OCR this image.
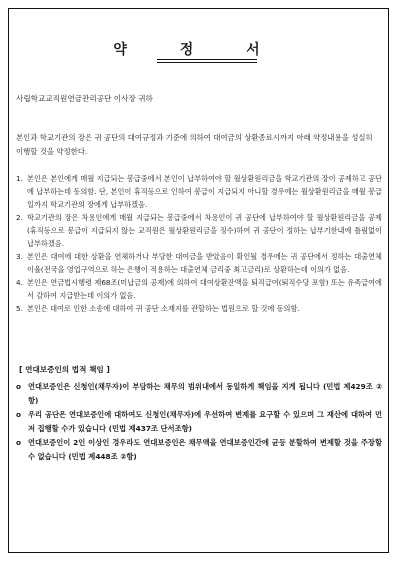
약 정 서
사립학교교직원연금관리공단 이사장 귀하

본인과 학교기관의 장은 귀 공단의 대여규정과 기준에 의하여 대여금의 상환종료시까지 아래 약정내용을 성실히 이행할 것을 약정한다.

1. 본인은 본인에게 매월 지급되는 봉급중에서 본인이 납부하여야 할 월상환원리금을 학교기관의 장이 공제하고 공단에 납부하는데 동의함. 단, 본인이 휴직등으로 인하여 봉급이 지급되지 아니할 경우에는 월상환원리금을 매월 봉급일까지 학교기관의 장에게 납부하겠음.
2. 학교기관의 장은 차용인에게 매월 지급되는 봉급중에서 차용인이 귀 공단에 납부하여야 할 월상환원리금을 공제(휴직등으로 봉급이 지급되지 않는 교직원은 월상환원리금을 징수)하여 귀 공단이 정하는 납부기한내에 틀림없이 납부하겠음.
3. 본인은 대여에 대한 상환을 연체하거나 부당한 대여금을 받았음이 확인될 경우에는 귀 공단에서 정하는 대출연체이율(전국을 영업구역으로 하는 은행이 적용하는 대출연체 금리중 최고금리)로 상환하는데 이의가 없음.
4. 본인은 연금법시행령 제68조(미납금의 공제)에 의하여 대여상환잔액을 퇴직급여(퇴직수당 포함) 또는 유족급여에서 감하여 지급받는데 이의가 없음.
5. 본인은 대여로 인한 소송에 대하여 귀 공단 소재지를 관할하는 법원으로 할 것에 동의함.
[ 연대보증인의 법적 책임 ]
o 연대보증인은 신청인(채무자)이 부담하는 채무의 범위내에서 동일하게 책임을 지게 됩니다 (민법 제429조 ②항)
o 우리 공단은 연대보증인에 대하여도 신청인(채무자)에 우선하여 변제를 요구할 수 있으며 그 재산에 대하여 먼저 집행할 수가 있습니다 (민법 제437조 단서조항)
o 연대보증인이 2인 이상인 경우라도 연대보증인은 채무액을 연대보증인간에 균등 분할하여 변제할 것을 주장할 수 없습니다 (민법 제448조 ②항)
